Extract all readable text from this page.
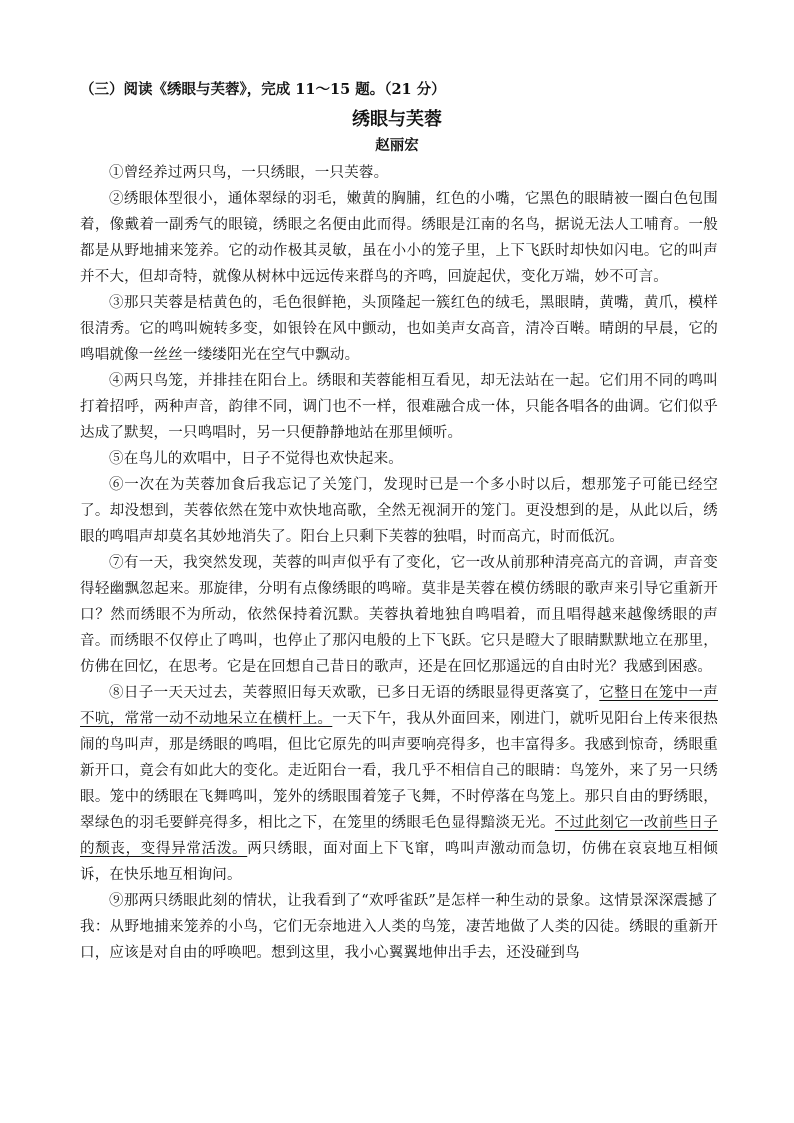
（三）阅读《绣眼与芙蓉》，完成 11～15 题。（21 分）
绣眼与芙蓉
赵丽宏

①曾经养过两只鸟，一只绣眼，一只芙蓉。

②绣眼体型很小，通体翠绿的羽毛，嫩黄的胸脯，红色的小嘴，它黑色的眼睛被一圈白色包围着，像戴着一副秀气的眼镜，绣眼之名便由此而得。绣眼是江南的名鸟，据说无法人工哺育。一般都是从野地捕来笼养。它的动作极其灵敏，虽在小小的笼子里，上下飞跃时却快如闪电。它的叫声并不大，但却奇特，就像从树林中远远传来群鸟的齐鸣，回旋起伏，变化万端，妙不可言。

③那只芙蓉是桔黄色的，毛色很鲜艳，头顶隆起一簇红色的绒毛，黑眼睛，黄嘴，黄爪，模样很清秀。它的鸣叫婉转多变，如银铃在风中颤动，也如美声女高音，清冷百啭。晴朗的早晨，它的鸣唱就像一丝丝一缕缕阳光在空气中飘动。

④两只鸟笼，并排挂在阳台上。绣眼和芙蓉能相互看见，却无法站在一起。它们用不同的鸣叫打着招呼，两种声音，韵律不同，调门也不一样，很难融合成一体，只能各唱各的曲调。它们似乎达成了默契，一只鸣唱时，另一只便静静地站在那里倾听。

⑤在鸟儿的欢唱中，日子不觉得也欢快起来。

⑥一次在为芙蓉加食后我忘记了关笼门，发现时已是一个多小时以后，想那笼子可能已经空了。却没想到，芙蓉依然在笼中欢快地高歌，全然无视洞开的笼门。更没想到的是，从此以后，绣眼的鸣唱声却莫名其妙地消失了。阳台上只剩下芙蓉的独唱，时而高亢，时而低沉。

⑦有一天，我突然发现，芙蓉的叫声似乎有了变化，它一改从前那种清亮高亢的音调，声音变得轻幽飘忽起来。那旋律，分明有点像绣眼的鸣啼。莫非是芙蓉在模仿绣眼的歌声来引导它重新开口？然而绣眼不为所动，依然保持着沉默。芙蓉执着地独自鸣唱着，而且唱得越来越像绣眼的声音。而绣眼不仅停止了鸣叫，也停止了那闪电般的上下飞跃。它只是瞪大了眼睛默默地立在那里，仿佛在回忆，在思考。它是在回想自己昔日的歌声，还是在回忆那遥远的自由时光？我感到困惑。

⑧日子一天天过去，芙蓉照旧每天欢歌，已多日无语的绣眼显得更落寞了，它整日在笼中一声不吭，常常一动不动地呆立在横杆上。一天下午，我从外面回来，刚进门，就听见阳台上传来很热闹的鸟叫声，那是绣眼的鸣唱，但比它原先的叫声要响亮得多，也丰富得多。我感到惊奇，绣眼重新开口，竟会有如此大的变化。走近阳台一看，我几乎不相信自己的眼睛：鸟笼外，来了另一只绣眼。笼中的绣眼在飞舞鸣叫，笼外的绣眼围着笼子飞舞，不时停落在鸟笼上。那只自由的野绣眼，翠绿色的羽毛要鲜亮得多，相比之下，在笼里的绣眼毛色显得黯淡无光。不过此刻它一改前些日子的颓丧，变得异常活泼。两只绣眼，面对面上下飞窜，鸣叫声激动而急切，仿佛在哀哀地互相倾诉，在快乐地互相询问。

⑨那两只绣眼此刻的情状，让我看到了“欢呼雀跃”是怎样一种生动的景象。这情景深深震撼了我：从野地捕来笼养的小鸟，它们无奈地进入人类的鸟笼，凄苦地做了人类的囚徒。绣眼的重新开口，应该是对自由的呼唤吧。想到这里，我小心翼翼地伸出手去，还没碰到鸟
